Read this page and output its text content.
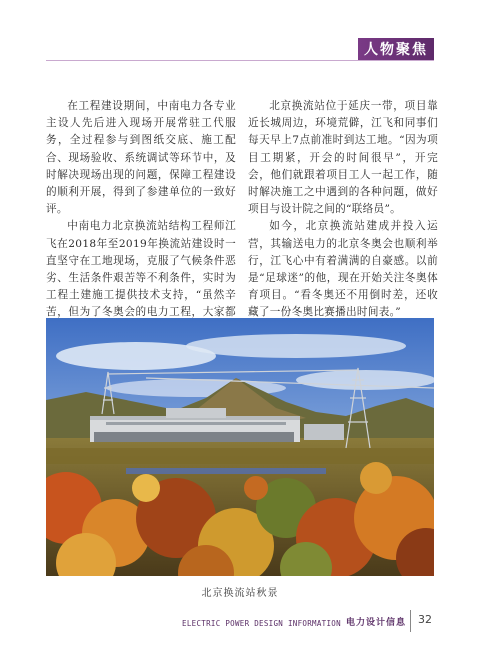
人物聚焦

在工程建设期间，中南电力各专业主设人先后进入现场开展常驻工代服务，全过程参与到图纸交底、施工配合、现场验收、系统调试等环节中，及时解决现场出现的问题，保障工程建设的顺利开展，得到了参建单位的一致好评。

中南电力北京换流站结构工程师江飞在2018年至2019年换流站建设时一直坚守在工地现场，克服了气候条件恶劣、生活条件艰苦等不利条件，实时为工程土建施工提供技术支持，“虽然辛苦，但为了冬奥会的电力工程，大家都

北京换流站位于延庆一带，项目靠近长城周边，环境荒僻，江飞和同事们每天早上7点前准时到达工地。“因为项目工期紧，开会的时间很早”，开完会，他们就跟着项目工人一起工作，随时解决施工之中遇到的各种问题，做好项目与设计院之间的“联络员”。

如今，北京换流站建成并投入运营，其输送电力的北京冬奥会也顺利举行，江飞心中有着满满的自豪感。以前是“足球迷”的他，现在开始关注冬奥体育项目。“看冬奥还不用倒时差，还收藏了一份冬奥比赛播出时间表。”

北京换流站秋景
ELECTRIC POWER DESIGN INFORMATION 电力设计信息 32
